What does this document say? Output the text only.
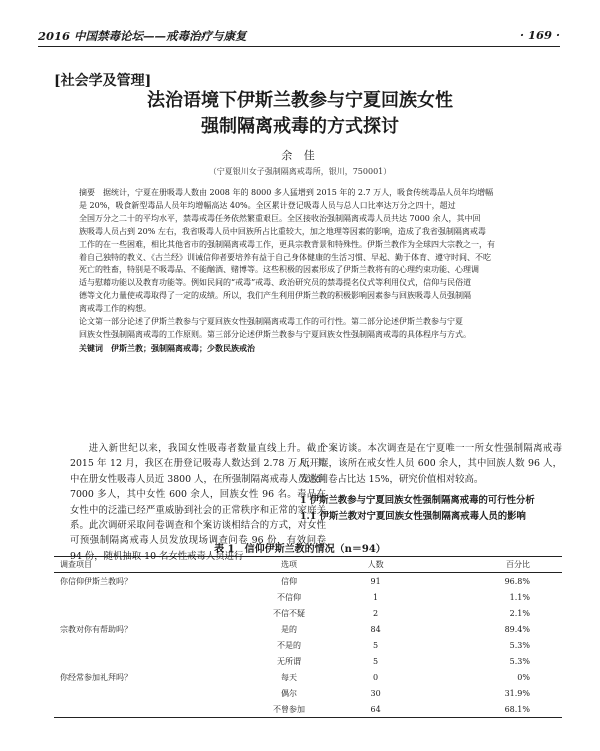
2016 中国禁毒论坛——戒毒治疗与康复	· 169 ·
[社会学及管理]
法治语境下伊斯兰教参与宁夏回族女性
强制隔离戒毒的方式探讨
余 佳
（宁夏银川女子强制隔离戒毒所，银川，750001）

摘要　据统计，宁夏在册吸毒人数由 2008 年的 8000 多人猛增到 2015 年的 2.7 万人，吸食传统毒品人员年均增幅

是 20%，吸食新型毒品人员年均增幅高达 40%。全区累计登记吸毒人员与总人口比率达万分之四十，超过

全国万分之二十的平均水平，禁毒戒毒任务依然繁重艰巨。全区接收治强制隔离戒毒人员共达 7000 余人，其中回

族吸毒人员占到 20% 左右，我省吸毒人员中回族所占比重较大，加之地理等因素的影响，造成了我省强制隔离戒毒

工作的在一些困难，相比其他省市的强制隔离戒毒工作，更具宗教背景和特殊性。伊斯兰教作为全球四大宗教之一，有

着自己独特的教义、《古兰经》训诫信仰者要培养有益于自己身体健康的生活习惯、早起、勤于体育、遵守时间、不吃

死亡的牲畜，特别是不吸毒品、不能酗酒、赌博等。这些积极的因素形成了伊斯兰教将有的心理约束功能、心理调

适与慰藉功能以及教育功能等。例如民间的“戒毒”戒毒、政治研究员的禁毒提名仪式等利用仪式，信仰与民俗道

德等文化力量使戒毒取得了一定的成绩。所以，我们产生利用伊斯兰教的积极影响因素参与回族吸毒人员强制隔

离戒毒工作的构想。

论文第一部分论述了伊斯兰教参与宁夏回族女性强制隔离戒毒工作的可行性。第二部分论述伊斯兰教参与宁夏

回族女性强制隔离戒毒的工作原则。第三部分论述伊斯兰教参与宁夏回族女性强制隔离戒毒的具体程序与方式。

关键词　伊斯兰教；强制隔离戒毒；少数民族戒治

进入新世纪以来，我国女性吸毒者数量直线上升。截止 2015 年 12 月，我区在册登记吸毒人数达到 2.78 万人，其中在册女性吸毒人员近 3800 人，在所强制隔离戒毒人员达到 7000 多人，其中女性 600 余人，回族女性 96 名。毒品在女性中的泛滥已经严重威胁到社会的正常秩序和正常的家庭关系。此次调研采取问卷调查和个案访谈相结合的方式，对女性可预强制隔离戒毒人员发放现场调查问卷 96 份，有效问卷 94 份，随机抽取 10 名女性戒毒人员进行

个案访谈。本次调查是在宁夏唯一一所女性强制隔离戒毒所开展，该所在戒女性人员 600 余人，其中回族人数 96 人，发放问卷占比达 15%，研究价值相对较高。

1 伊斯兰教参与宁夏回族女性强制隔离戒毒的可行性分析

1.1 伊斯兰教对宁夏回族女性强制隔离戒毒人员的影响

表 1　信仰伊斯兰教的情况（n＝94）
调查项目	选项	人数	百分比
你信仰伊斯兰教吗？	信仰	91	96.8%
	不信仰	1	1.1%
	不信不疑	2	2.1%
宗教对你有帮助吗？	是的	84	89.4%
	不是的	5	5.3%
	无所谓	5	5.3%
你经常参加礼拜吗？	每天	0	0%
	偶尔	30	31.9%
	不曾参加	64	68.1%
